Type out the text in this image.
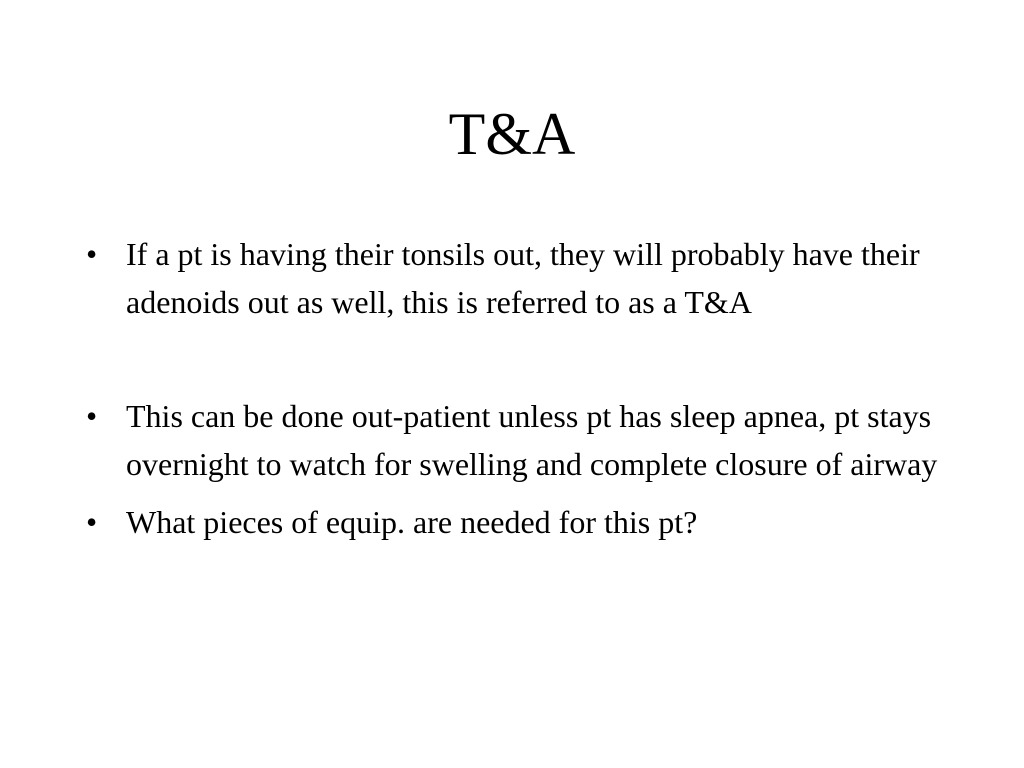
T&A
• If a pt is having their tonsils out, they will probably have their adenoids out as well, this is referred to as a T&A
• This can be done out-patient unless pt has sleep apnea, pt stays overnight to watch for swelling and complete closure of airway
• What pieces of equip. are needed for this pt?
